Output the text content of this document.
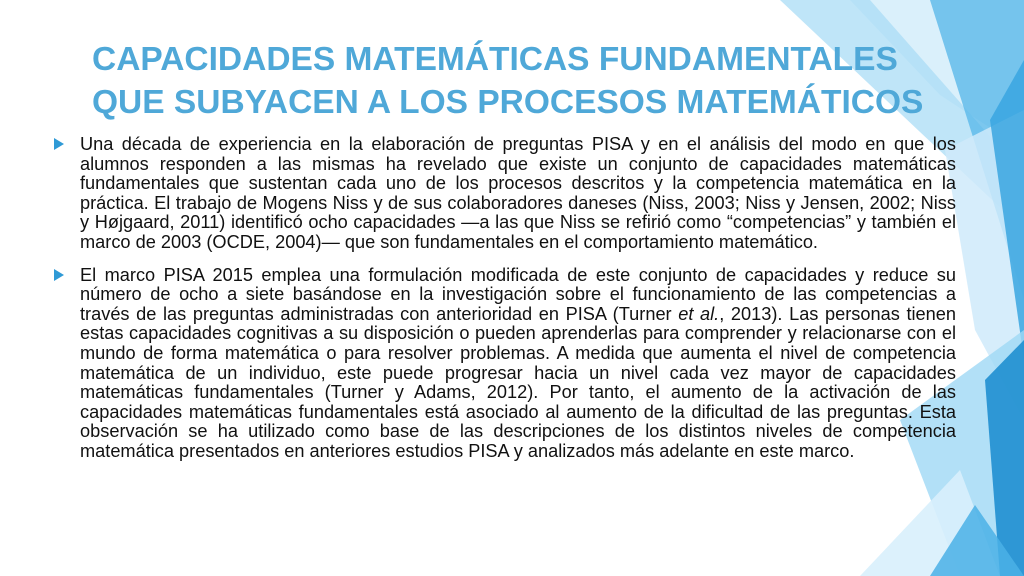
CAPACIDADES MATEMÁTICAS FUNDAMENTALES
QUE SUBYACEN A LOS PROCESOS MATEMÁTICOS
Una década de experiencia en la elaboración de preguntas PISA y en el análisis del modo en que los alumnos responden a las mismas ha revelado que existe un conjunto de capacidades matemáticas fundamentales que sustentan cada uno de los procesos descritos y la competencia matemática en la práctica. El trabajo de Mogens Niss y de sus colaboradores daneses (Niss, 2003; Niss y Jensen, 2002; Niss y Højgaard, 2011) identificó ocho capacidades —a las que Niss se refirió como “competencias” y también el marco de 2003 (OCDE, 2004)— que son fundamentales en el comportamiento matemático.
El marco PISA 2015 emplea una formulación modificada de este conjunto de capacidades y reduce su número de ocho a siete basándose en la investigación sobre el funcionamiento de las competencias a través de las preguntas administradas con anterioridad en PISA (Turner et al., 2013). Las personas tienen estas capacidades cognitivas a su disposición o pueden aprenderlas para comprender y relacionarse con el mundo de forma matemática o para resolver problemas. A medida que aumenta el nivel de competencia matemática de un individuo, este puede progresar hacia un nivel cada vez mayor de capacidades matemáticas fundamentales (Turner y Adams, 2012). Por tanto, el aumento de la activación de las capacidades matemáticas fundamentales está asociado al aumento de la dificultad de las preguntas. Esta observación se ha utilizado como base de las descripciones de los distintos niveles de competencia matemática presentados en anteriores estudios PISA y analizados más adelante en este marco.
